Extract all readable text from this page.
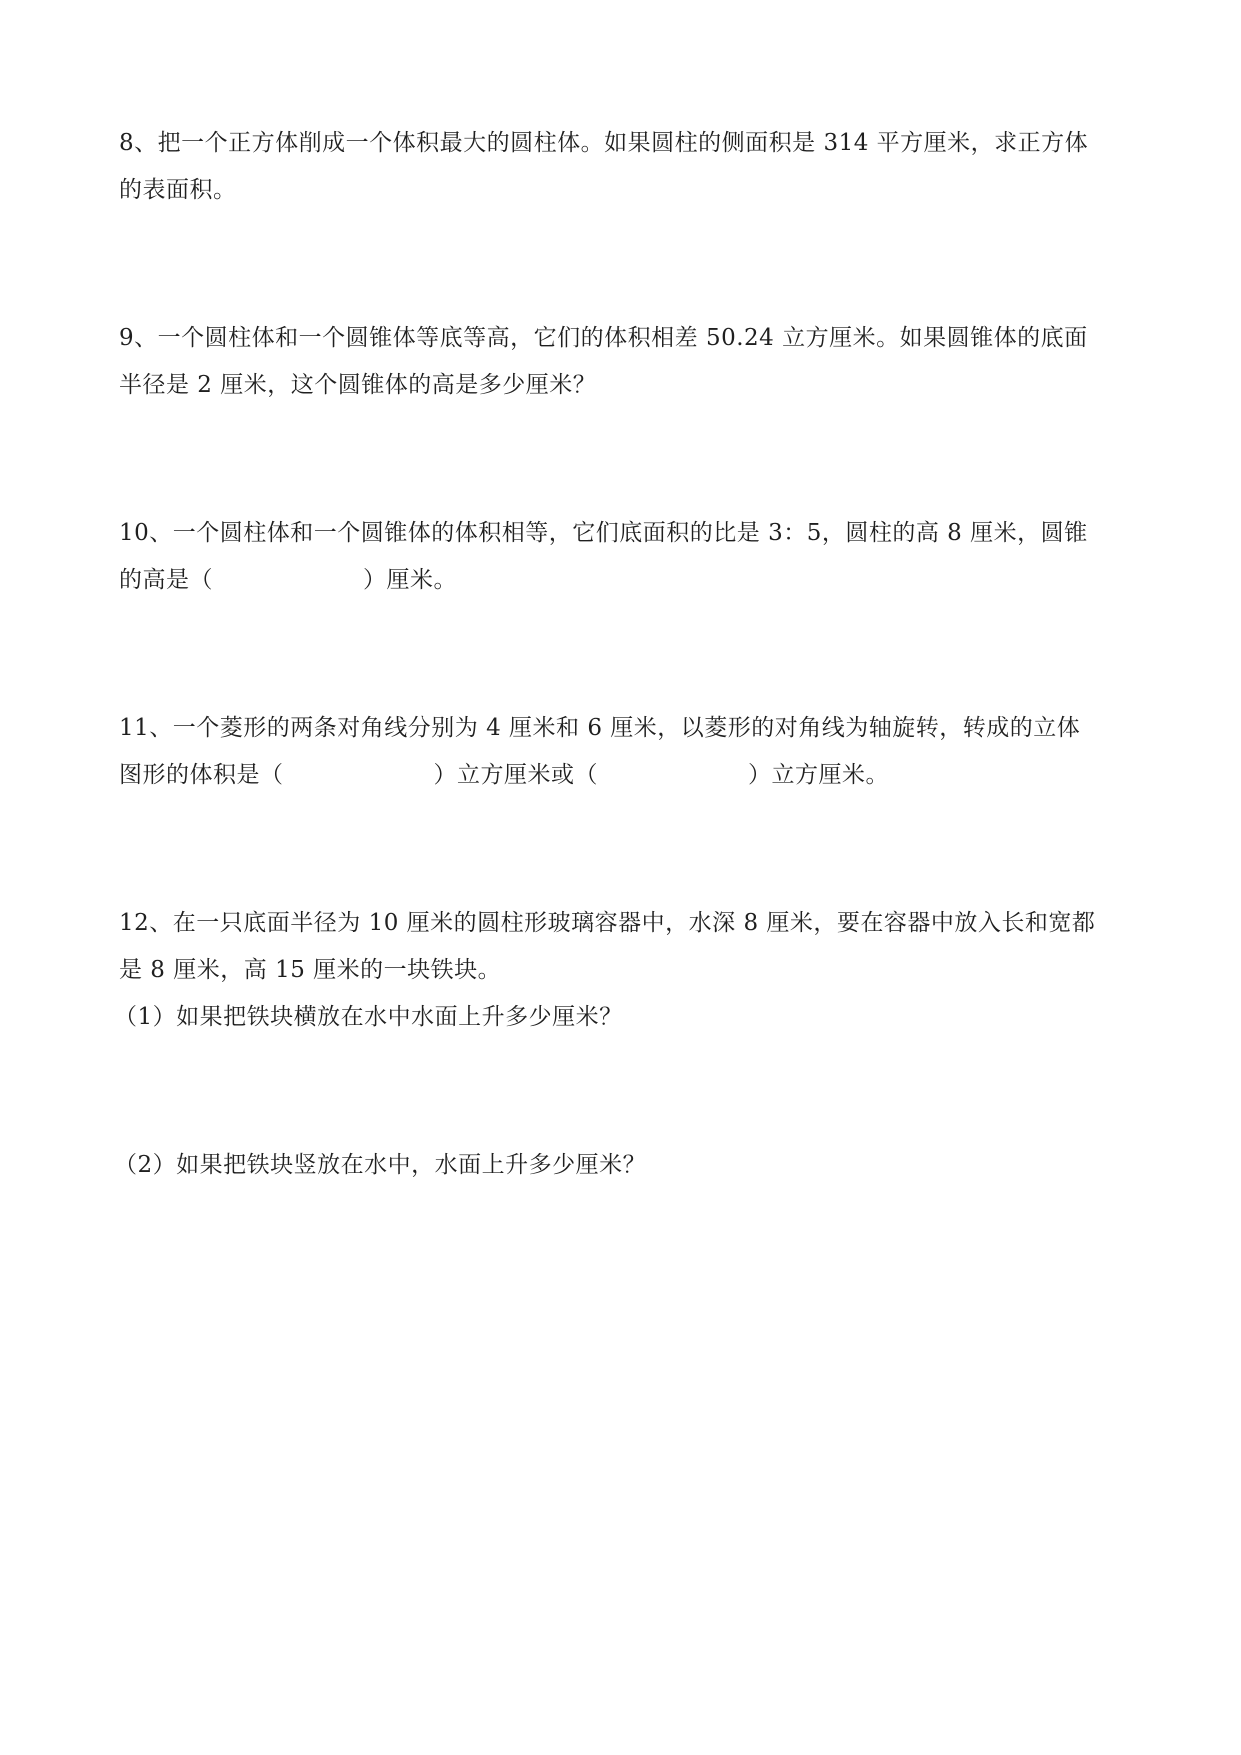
8、把一个正方体削成一个体积最大的圆柱体。如果圆柱的侧面积是 314 平方厘米，求正方体
的表面积。
9、一个圆柱体和一个圆锥体等底等高，它们的体积相差 50.24 立方厘米。如果圆锥体的底面
半径是 2 厘米，这个圆锥体的高是多少厘米？
10、一个圆柱体和一个圆锥体的体积相等，它们底面积的比是 3：5，圆柱的高 8 厘米，圆锥
的高是（	）厘米。
11、一个菱形的两条对角线分别为 4 厘米和 6 厘米，以菱形的对角线为轴旋转，转成的立体
图形的体积是（	）立方厘米或（	）立方厘米。
12、在一只底面半径为 10 厘米的圆柱形玻璃容器中，水深 8 厘米，要在容器中放入长和宽都
是 8 厘米，高 15 厘米的一块铁块。
（1）如果把铁块横放在水中水面上升多少厘米？
（2）如果把铁块竖放在水中，水面上升多少厘米？
